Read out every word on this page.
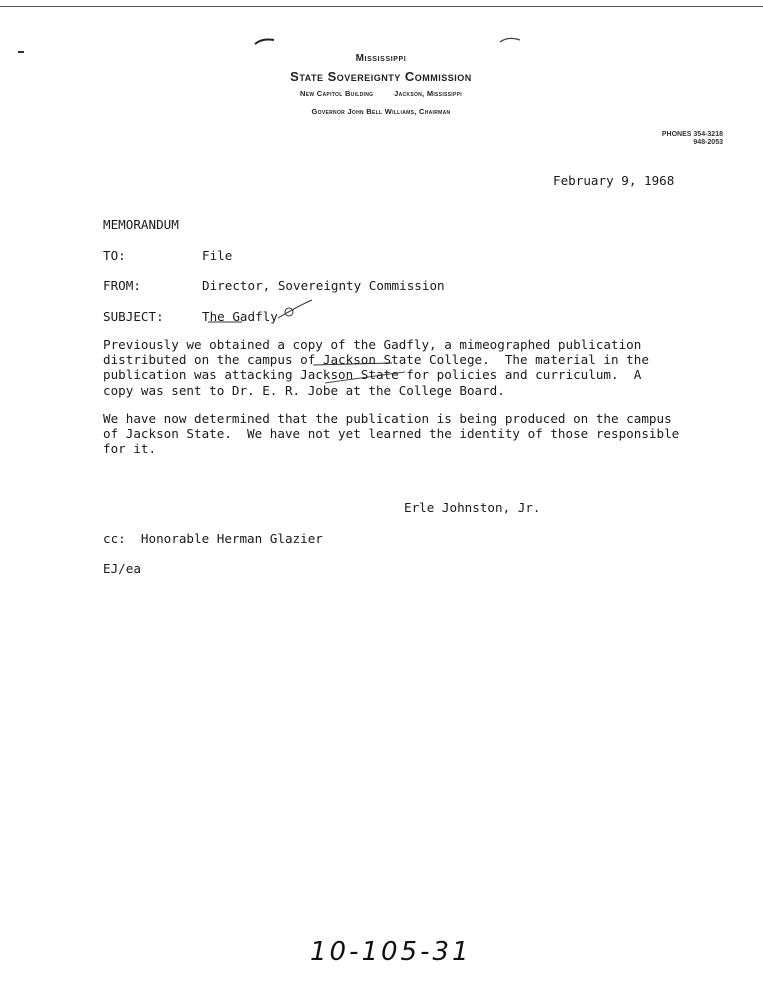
Mississippi
State Sovereignty Commission
New Capitol Building	Jackson, Mississippi
Governor John Bell Williams, Chairman
PHONES 354-3218
948-2053
February 9, 1968
MEMORANDUM
TO:	File
FROM:	Director, Sovereignty Commission
SUBJECT:	The Gadfly
Previously we obtained a copy of the Gadfly, a mimeographed publication
distributed on the campus of Jackson State College.  The material in the
publication was attacking Jackson State for policies and curriculum.  A
copy was sent to Dr. E. R. Jobe at the College Board.
We have now determined that the publication is being produced on the campus
of Jackson State.  We have not yet learned the identity of those responsible
for it.
Erle Johnston, Jr.
cc:  Honorable Herman Glazier
EJ/ea
10-105-31
